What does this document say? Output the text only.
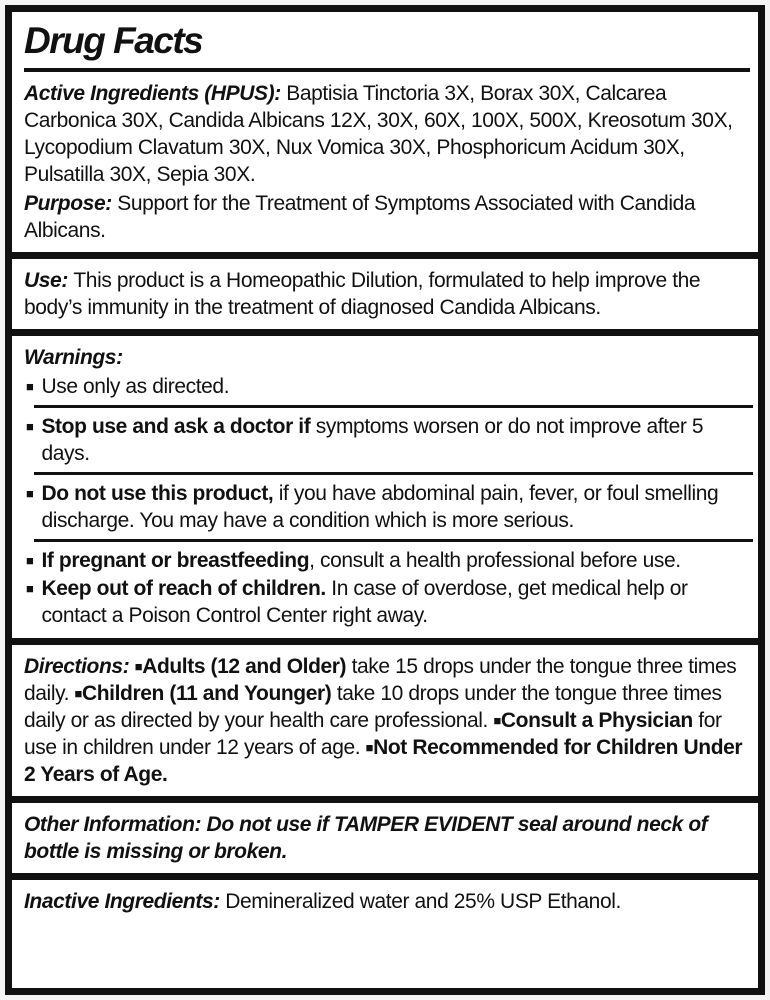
Drug Facts

Active Ingredients (HPUS): Baptisia Tinctoria 3X, Borax 30X, Calcarea Carbonica 30X, Candida Albicans 12X, 30X, 60X, 100X, 500X, Kreosotum 30X, Lycopodium Clavatum 30X, Nux Vomica 30X, Phosphoricum Acidum 30X, Pulsatilla 30X, Sepia 30X.

Purpose: Support for the Treatment of Symptoms Associated with Candida Albicans.

Use: This product is a Homeopathic Dilution, formulated to help improve the body’s immunity in the treatment of diagnosed Candida Albicans.

Warnings:
■ Use only as directed.
■ Stop use and ask a doctor if symptoms worsen or do not improve after 5 days.
■ Do not use this product, if you have abdominal pain, fever, or foul smelling discharge. You may have a condition which is more serious.
■ If pregnant or breastfeeding, consult a health professional before use.
■ Keep out of reach of children. In case of overdose, get medical help or contact a Poison Control Center right away.

Directions: ■Adults (12 and Older) take 15 drops under the tongue three times daily. ■Children (11 and Younger) take 10 drops under the tongue three times daily or as directed by your health care professional. ■Consult a Physician for use in children under 12 years of age. ■Not Recommended for Children Under 2 Years of Age.

Other Information: Do not use if TAMPER EVIDENT seal around neck of bottle is missing or broken.

Inactive Ingredients: Demineralized water and 25% USP Ethanol.
